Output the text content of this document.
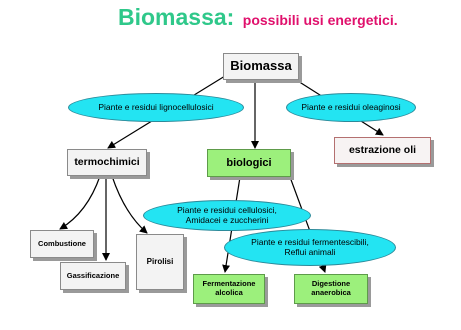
Biomassa: possibili usi energetici.
Biomassa
Piante e residui lignocellulosici	Piante e residui oleaginosi
termochimici	biologici
estrazione oli
Piante e residui cellulosici, Amidacei e zuccherini
Piante e residui fermentescibili, Reflui animali
Combustione
Gassificazione
Pirolisi
Fermentazione alcolica
Digestione anaerobica
